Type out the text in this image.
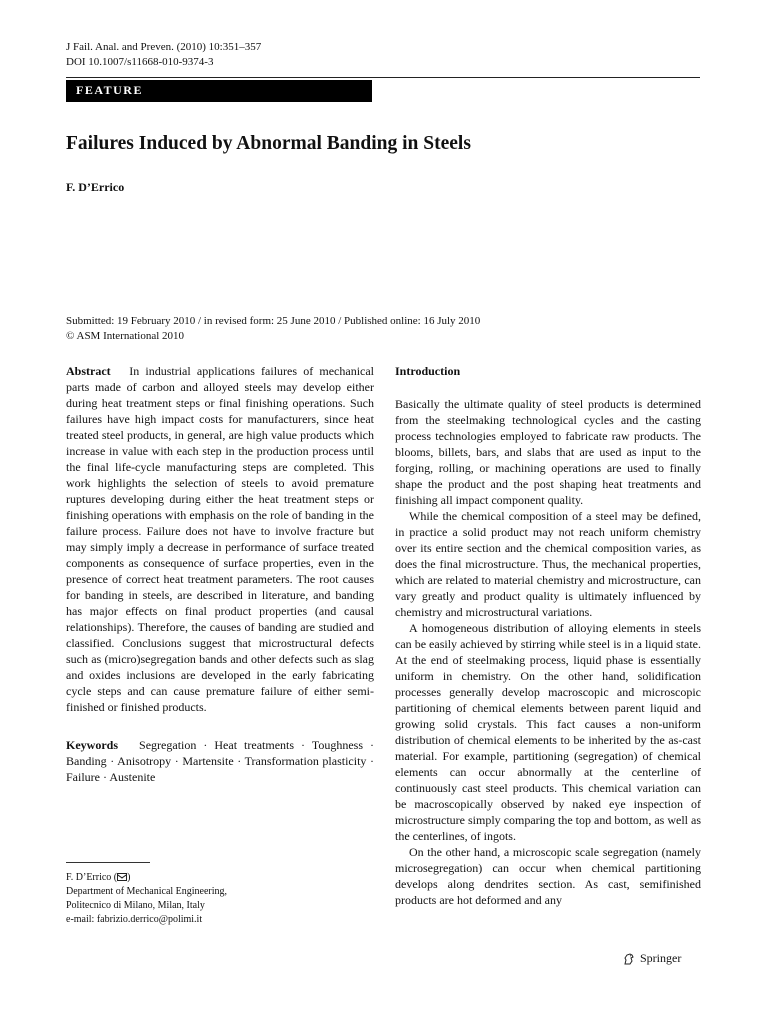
J Fail. Anal. and Preven. (2010) 10:351–357
DOI 10.1007/s11668-010-9374-3
FEATURE
Failures Induced by Abnormal Banding in Steels
F. D’Errico
Submitted: 19 February 2010 / in revised form: 25 June 2010 / Published online: 16 July 2010
© ASM International 2010

Abstract In industrial applications failures of mechanical parts made of carbon and alloyed steels may develop either during heat treatment steps or final finishing operations. Such failures have high impact costs for manufacturers, since heat treated steel products, in general, are high value products which increase in value with each step in the production process until the final life-cycle manufacturing steps are completed. This work highlights the selection of steels to avoid premature ruptures developing during either the heat treatment steps or finishing operations with emphasis on the role of banding in the failure process. Failure does not have to involve fracture but may simply imply a decrease in performance of surface treated components as consequence of surface properties, even in the presence of correct heat treatment parameters. The root causes for banding in steels, are described in literature, and banding has major effects on final product properties (and causal relationships). Therefore, the causes of banding are studied and classified. Conclusions suggest that microstructural defects such as (micro)segregation bands and other defects such as slag and oxides inclusions are developed in the early fabricating cycle steps and can cause premature failure of either semi-finished or finished products.

Keywords Segregation · Heat treatments · Toughness · Banding · Anisotropy · Martensite · Transformation plasticity · Failure · Austenite

F. D’Errico ( )
Department of Mechanical Engineering,
Politecnico di Milano, Milan, Italy
e-mail: fabrizio.derrico@polimi.it

Introduction

Basically the ultimate quality of steel products is determined from the steelmaking technological cycles and the casting process technologies employed to fabricate raw products. The blooms, billets, bars, and slabs that are used as input to the forging, rolling, or machining operations are used to finally shape the product and the post shaping heat treatments and finishing all impact component quality.

While the chemical composition of a steel may be defined, in practice a solid product may not reach uniform chemistry over its entire section and the chemical composition varies, as does the final microstructure. Thus, the mechanical properties, which are related to material chemistry and microstructure, can vary greatly and product quality is ultimately influenced by chemistry and microstructural variations.

A homogeneous distribution of alloying elements in steels can be easily achieved by stirring while steel is in a liquid state. At the end of steelmaking process, liquid phase is essentially uniform in chemistry. On the other hand, solidification processes generally develop macroscopic and microscopic partitioning of chemical elements between parent liquid and growing solid crystals. This fact causes a non-uniform distribution of chemical elements to be inherited by the as-cast material. For example, partitioning (segregation) of chemical elements can occur abnormally at the centerline of continuously cast steel products. This chemical variation can be macroscopically observed by naked eye inspection of microstructure simply comparing the top and bottom, as well as the centerlines, of ingots.

On the other hand, a microscopic scale segregation (namely microsegregation) can occur when chemical partitioning develops along dendrites section. As cast, semifinished products are hot deformed and any

Springer
